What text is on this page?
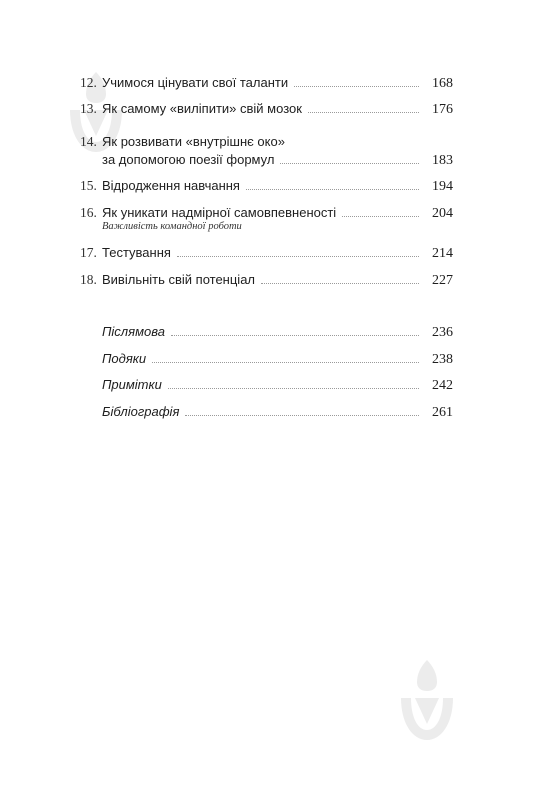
12. Учимося цінувати свої таланти	168
13. Як самому «виліпити» свій мозок	176
14. Як розвивати «внутрішнє око»
за допомогою поезії формул	183
15. Відродження навчання	194
16. Як уникати надмірної самовпевненості	204
Важливість командної роботи
17. Тестування	214
18. Вивільніть свій потенціал	227
Післямова	236
Подяки	238
Примітки	242
Бібліографія	261
